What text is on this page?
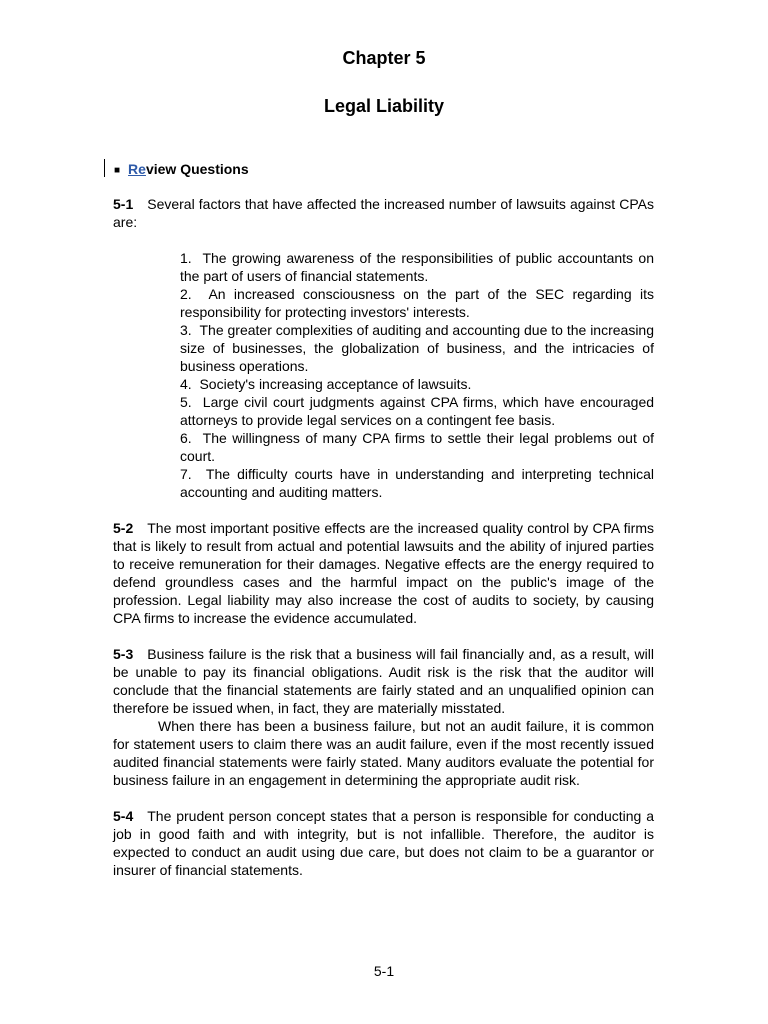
Chapter 5
Legal Liability
■ Review Questions

5-1 Several factors that have affected the increased number of lawsuits against CPAs are:

1. The growing awareness of the responsibilities of public accountants on the part of users of financial statements.
2. An increased consciousness on the part of the SEC regarding its responsibility for protecting investors' interests.
3. The greater complexities of auditing and accounting due to the increasing size of businesses, the globalization of business, and the intricacies of business operations.
4. Society's increasing acceptance of lawsuits.
5. Large civil court judgments against CPA firms, which have encouraged attorneys to provide legal services on a contingent fee basis.
6. The willingness of many CPA firms to settle their legal problems out of court.
7. The difficulty courts have in understanding and interpreting technical accounting and auditing matters.

5-2 The most important positive effects are the increased quality control by CPA firms that is likely to result from actual and potential lawsuits and the ability of injured parties to receive remuneration for their damages. Negative effects are the energy required to defend groundless cases and the harmful impact on the public's image of the profession. Legal liability may also increase the cost of audits to society, by causing CPA firms to increase the evidence accumulated.

5-3 Business failure is the risk that a business will fail financially and, as a result, will be unable to pay its financial obligations. Audit risk is the risk that the auditor will conclude that the financial statements are fairly stated and an unqualified opinion can therefore be issued when, in fact, they are materially misstated.

When there has been a business failure, but not an audit failure, it is common for statement users to claim there was an audit failure, even if the most recently issued audited financial statements were fairly stated. Many auditors evaluate the potential for business failure in an engagement in determining the appropriate audit risk.

5-4 The prudent person concept states that a person is responsible for conducting a job in good faith and with integrity, but is not infallible. Therefore, the auditor is expected to conduct an audit using due care, but does not claim to be a guarantor or insurer of financial statements.

5-1
